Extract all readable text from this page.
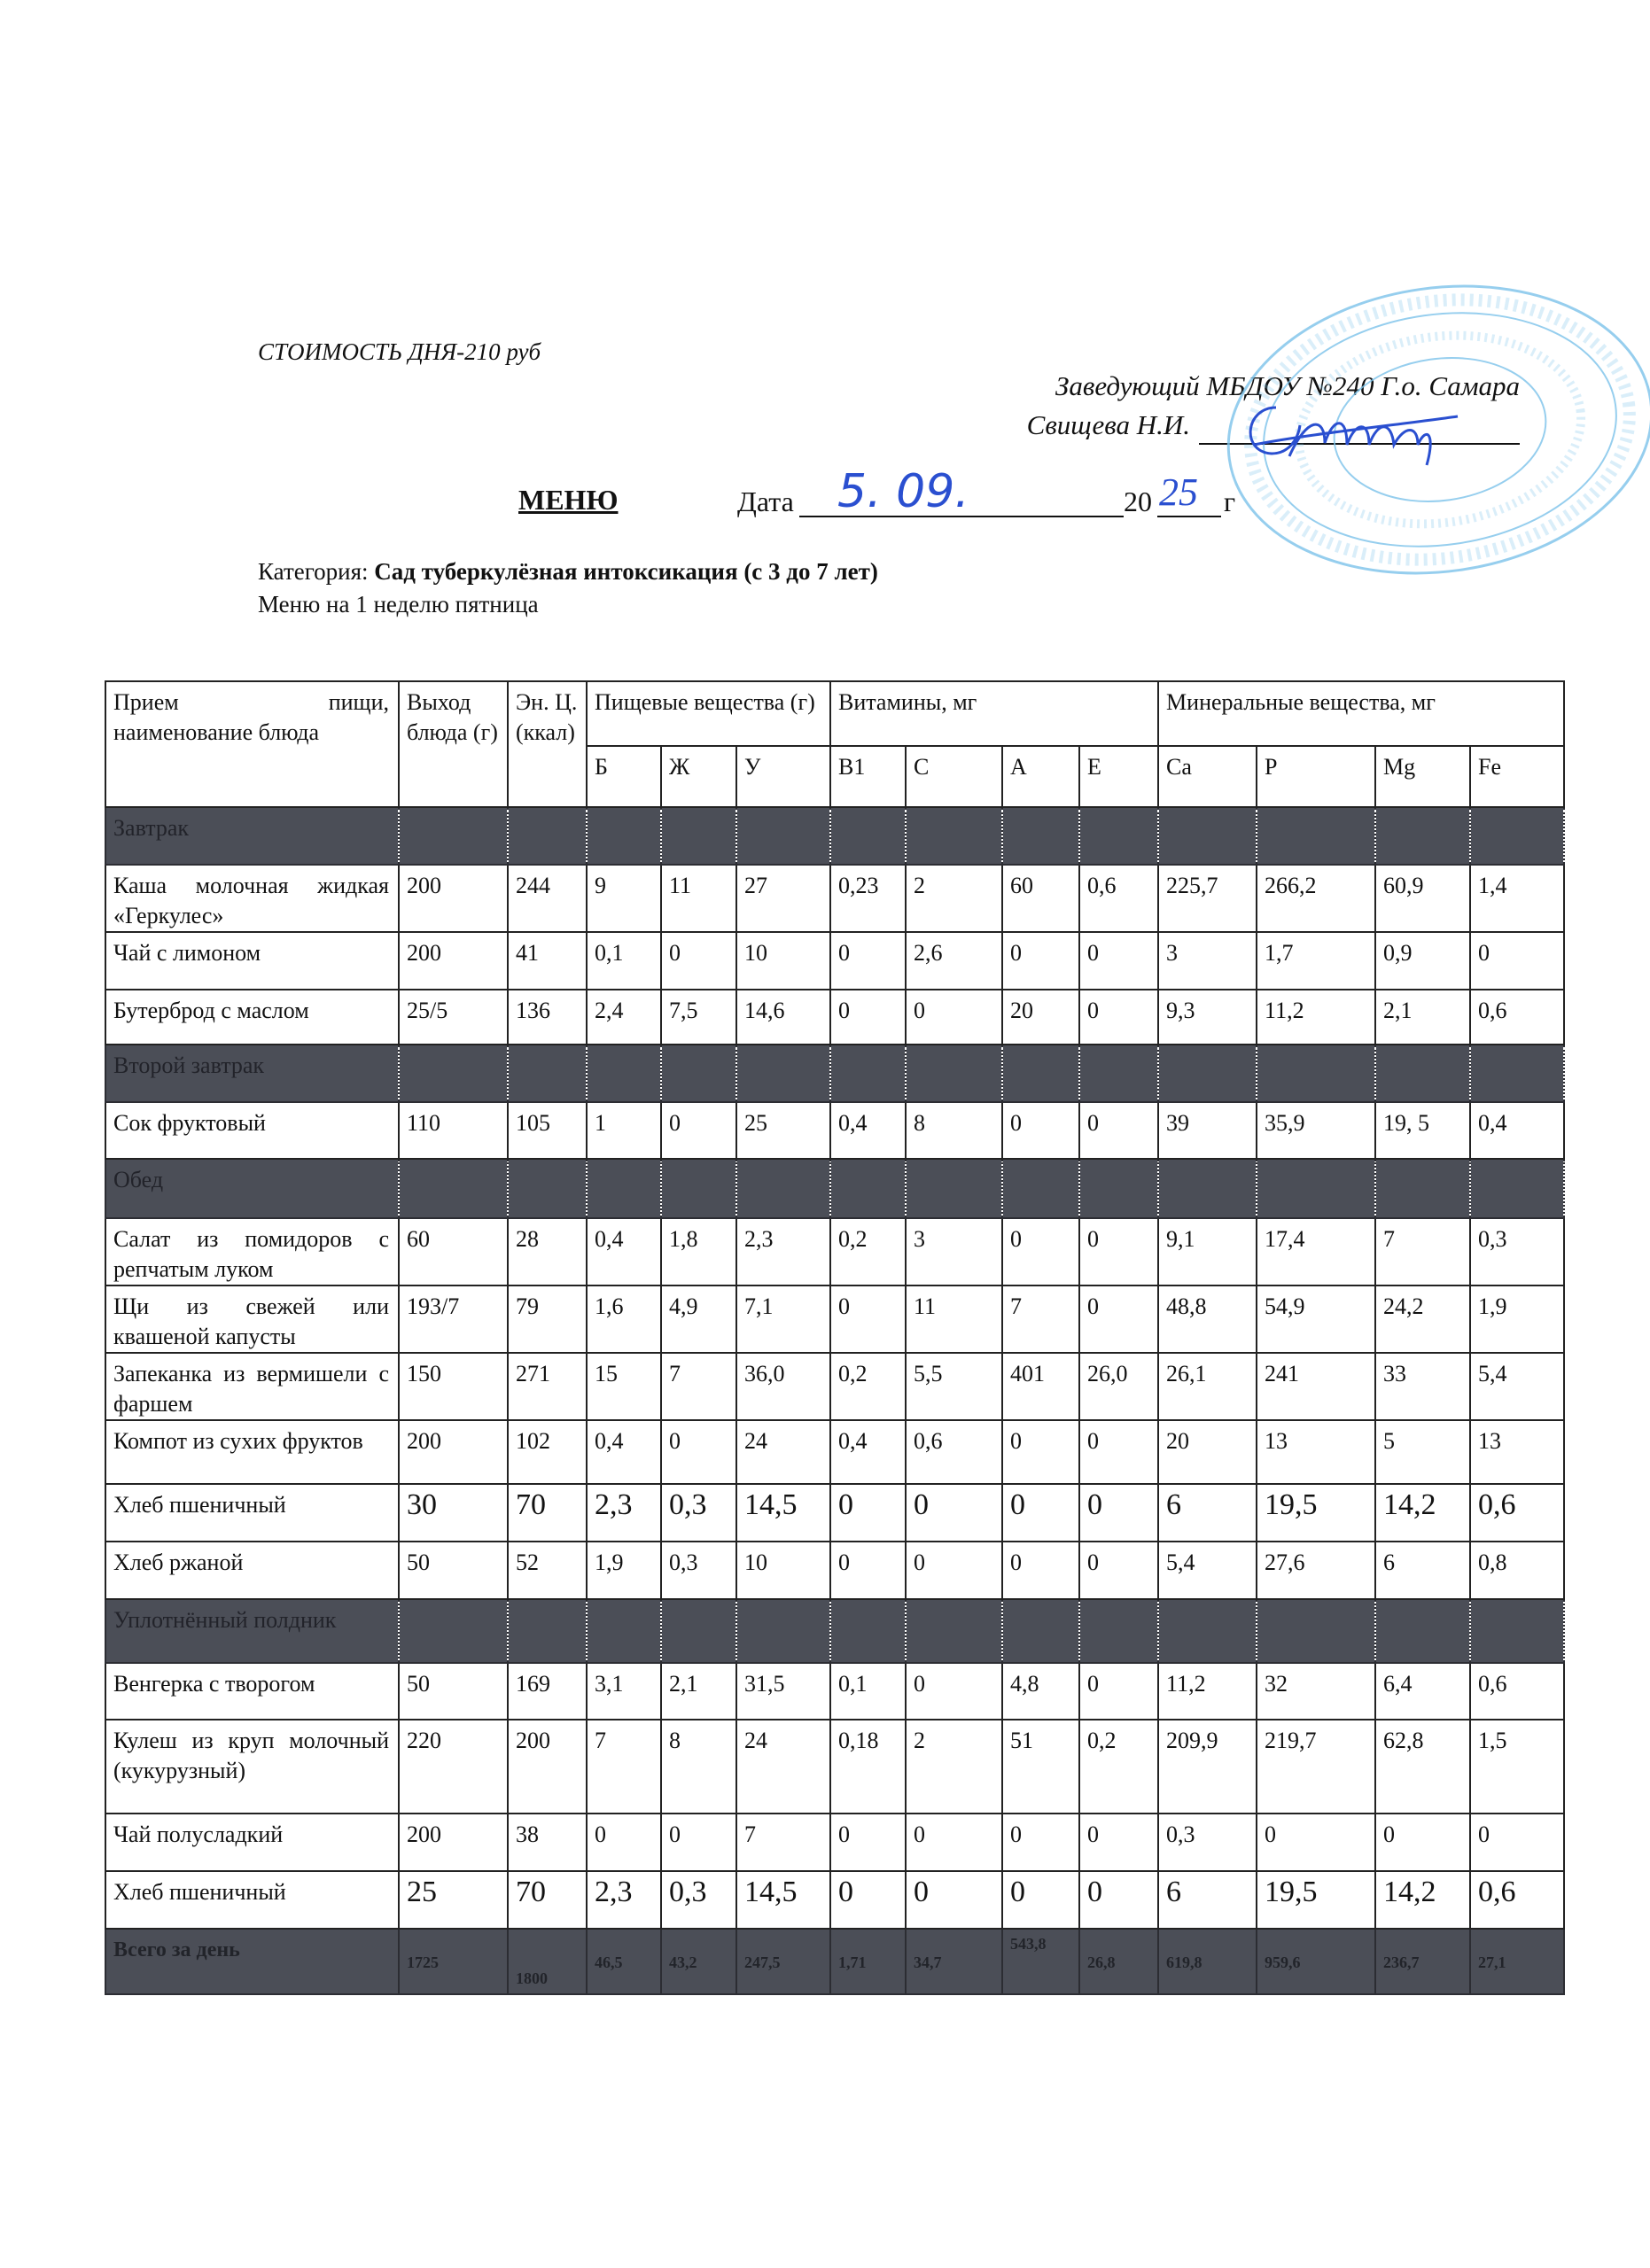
СТОИМОСТЬ ДНЯ-210 руб
Заведующий МБДОУ №240 Г.о. Самара
Свищева Н.И.
МЕНЮ	Дата 5. 09.	20 25 г
Категория: Сад туберкулёзная интоксикация (с 3 до 7 лет)
Меню на 1 неделю пятница
Прием пищи, наименование блюда	Выход блюда (г)	Эн. Ц. (ккал)	Пищевые вещества (г)			Витамины, мг				Минеральные вещества, мг			
			Б	Ж	У	В1	С	А	Е	Ca	P	Mg	Fe
Завтрак													
Каша молочная жидкая «Геркулес»	200	244	9	11	27	0,23	2	60	0,6	225,7	266,2	60,9	1,4
Чай с лимоном	200	41	0,1	0	10	0	2,6	0	0	3	1,7	0,9	0
Бутерброд с маслом	25/5	136	2,4	7,5	14,6	0	0	20	0	9,3	11,2	2,1	0,6
Второй завтрак													
Сок фруктовый	110	105	1	0	25	0,4	8	0	0	39	35,9	19, 5	0,4
Обед													
Салат из помидоров с репчатым луком	60	28	0,4	1,8	2,3	0,2	3	0	0	9,1	17,4	7	0,3
Щи из свежей или квашеной капусты	193/7	79	1,6	4,9	7,1	0	11	7	0	48,8	54,9	24,2	1,9
Запеканка из вермишели с фаршем	150	271	15	7	36,0	0,2	5,5	401	26,0	26,1	241	33	5,4
Компот из сухих фруктов	200	102	0,4	0	24	0,4	0,6	0	0	20	13	5	13
Хлеб пшеничный	30	70	2,3	0,3	14,5	0	0	0	0	6	19,5	14,2	0,6
Хлеб ржаной	50	52	1,9	0,3	10	0	0	0	0	5,4	27,6	6	0,8
Уплотнённый полдник													
Венгерка с творогом	50	169	3,1	2,1	31,5	0,1	0	4,8	0	11,2	32	6,4	0,6
Кулеш из круп молочный (кукурузный)	220	200	7	8	24	0,18	2	51	0,2	209,9	219,7	62,8	1,5
Чай полусладкий	200	38	0	0	7	0	0	0	0	0,3	0	0	0
Хлеб пшеничный	25	70	2,3	0,3	14,5	0	0	0	0	6	19,5	14,2	0,6
Всего за день	1725	1800	46,5	43,2	247,5	1,71	34,7	543,8	26,8	619,8	959,6	236,7	27,1
